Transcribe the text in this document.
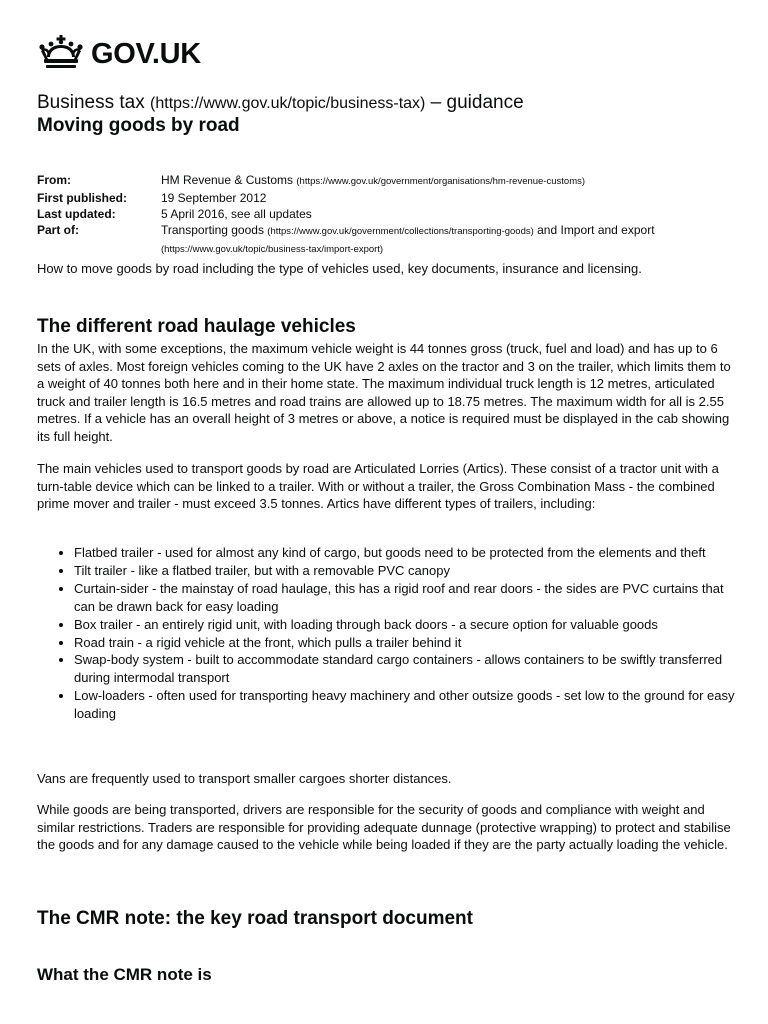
GOV.UK
Business tax (https://www.gov.uk/topic/business-tax) – guidance
Moving goods by road
From:	HM Revenue & Customs (https://www.gov.uk/government/organisations/hm-revenue-customs)
First published:	19 September 2012
Last updated:	5 April 2016, see all updates
Part of:	Transporting goods (https://www.gov.uk/government/collections/transporting-goods) and Import and export
(https://www.gov.uk/topic/business-tax/import-export)

How to move goods by road including the type of vehicles used, key documents, insurance and licensing.

The different road haulage vehicles

In the UK, with some exceptions, the maximum vehicle weight is 44 tonnes gross (truck, fuel and load) and has up to 6 sets of axles. Most foreign vehicles coming to the UK have 2 axles on the tractor and 3 on the trailer, which limits them to a weight of 40 tonnes both here and in their home state. The maximum individual truck length is 12 metres, articulated truck and trailer length is 16.5 metres and road trains are allowed up to 18.75 metres. The maximum width for all is 2.55 metres. If a vehicle has an overall height of 3 metres or above, a notice is required must be displayed in the cab showing its full height.

The main vehicles used to transport goods by road are Articulated Lorries (Artics). These consist of a tractor unit with a turn-table device which can be linked to a trailer. With or without a trailer, the Gross Combination Mass - the combined prime mover and trailer - must exceed 3.5 tonnes. Artics have different types of trailers, including:

• Flatbed trailer - used for almost any kind of cargo, but goods need to be protected from the elements and theft
• Tilt trailer - like a flatbed trailer, but with a removable PVC canopy
• Curtain-sider - the mainstay of road haulage, this has a rigid roof and rear doors - the sides are PVC curtains that can be drawn back for easy loading
• Box trailer - an entirely rigid unit, with loading through back doors - a secure option for valuable goods
• Road train - a rigid vehicle at the front, which pulls a trailer behind it
• Swap-body system - built to accommodate standard cargo containers - allows containers to be swiftly transferred during intermodal transport
• Low-loaders - often used for transporting heavy machinery and other outsize goods - set low to the ground for easy loading

Vans are frequently used to transport smaller cargoes shorter distances.

While goods are being transported, drivers are responsible for the security of goods and compliance with weight and similar restrictions. Traders are responsible for providing adequate dunnage (protective wrapping) to protect and stabilise the goods and for any damage caused to the vehicle while being loaded if they are the party actually loading the vehicle.

The CMR note: the key road transport document
What the CMR note is
